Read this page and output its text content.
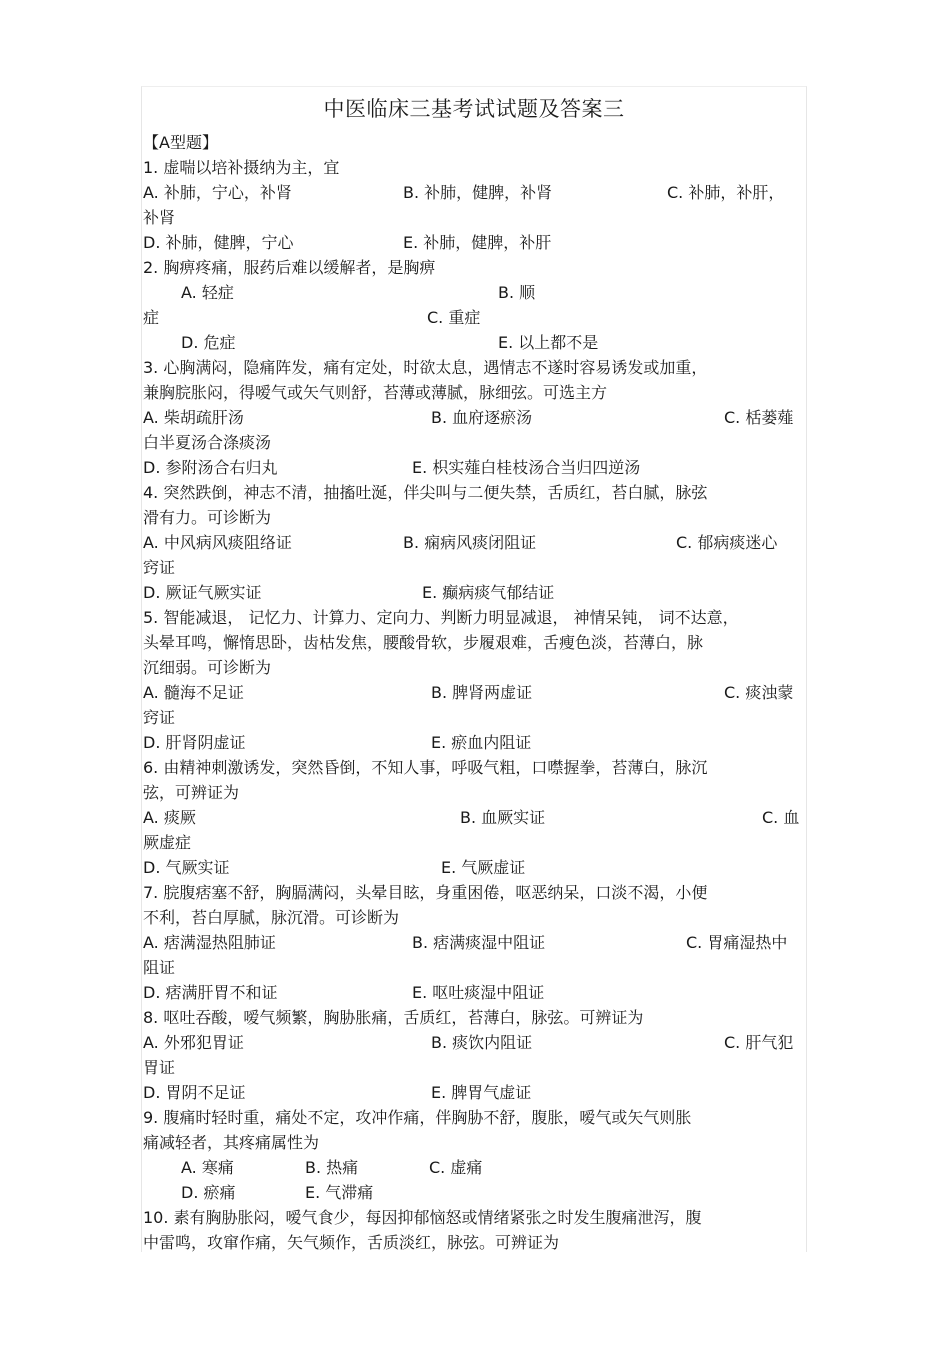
中医临床三基考试试题及答案三
【A型题】
1. 虚喘以培补摄纳为主，宜
A. 补肺，宁心，补肾	B. 补肺，健脾，补肾	C. 补肺，补肝，
补肾
D. 补肺，健脾，宁心	E. 补肺，健脾，补肝
2. 胸痹疼痛，服药后难以缓解者，是胸痹
A. 轻症	B. 顺
症	C. 重症
D. 危症	E. 以上都不是
3. 心胸满闷，隐痛阵发，痛有定处，时欲太息，遇情志不遂时容易诱发或加重，
兼胸脘胀闷，得嗳气或矢气则舒，苔薄或薄腻，脉细弦。可选主方
A. 柴胡疏肝汤	B. 血府逐瘀汤	C. 栝蒌薤
白半夏汤合涤痰汤
D. 参附汤合右归丸	E. 枳实薤白桂枝汤合当归四逆汤
4. 突然跌倒，神志不清，抽搐吐涎，伴尖叫与二便失禁，舌质红，苔白腻，脉弦
滑有力。可诊断为
A. 中风病风痰阻络证	B. 痫病风痰闭阻证	C. 郁病痰迷心
窍证
D. 厥证气厥实证	E. 癫病痰气郁结证
5. 智能减退， 记忆力、计算力、定向力、判断力明显减退， 神情呆钝， 词不达意，
头晕耳鸣，懈惰思卧，齿枯发焦，腰酸骨软，步履艰难，舌瘦色淡，苔薄白，脉
沉细弱。可诊断为
A. 髓海不足证	B. 脾肾两虚证	C. 痰浊蒙
窍证
D. 肝肾阴虚证	E. 瘀血内阻证
6. 由精神刺激诱发，突然昏倒，不知人事，呼吸气粗，口噤握拳，苔薄白，脉沉
弦，可辨证为
A. 痰厥	B. 血厥实证	C. 血
厥虚症
D. 气厥实证	E. 气厥虚证
7. 脘腹痞塞不舒，胸膈满闷，头晕目眩，身重困倦，呕恶纳呆，口淡不渴，小便
不利，苔白厚腻，脉沉滑。可诊断为
A. 痞满湿热阻肺证	B. 痞满痰湿中阻证	C. 胃痛湿热中
阻证
D. 痞满肝胃不和证	E. 呕吐痰湿中阻证
8. 呕吐吞酸，嗳气频繁，胸胁胀痛，舌质红，苔薄白，脉弦。可辨证为
A. 外邪犯胃证	B. 痰饮内阻证	C. 肝气犯
胃证
D. 胃阴不足证	E. 脾胃气虚证
9. 腹痛时轻时重，痛处不定，攻冲作痛，伴胸胁不舒，腹胀，嗳气或矢气则胀
痛减轻者，其疼痛属性为
A. 寒痛	B. 热痛	C. 虚痛
D. 瘀痛	E. 气滞痛
10. 素有胸胁胀闷，嗳气食少，每因抑郁恼怒或情绪紧张之时发生腹痛泄泻，腹
中雷鸣，攻窜作痛，矢气频作，舌质淡红，脉弦。可辨证为
